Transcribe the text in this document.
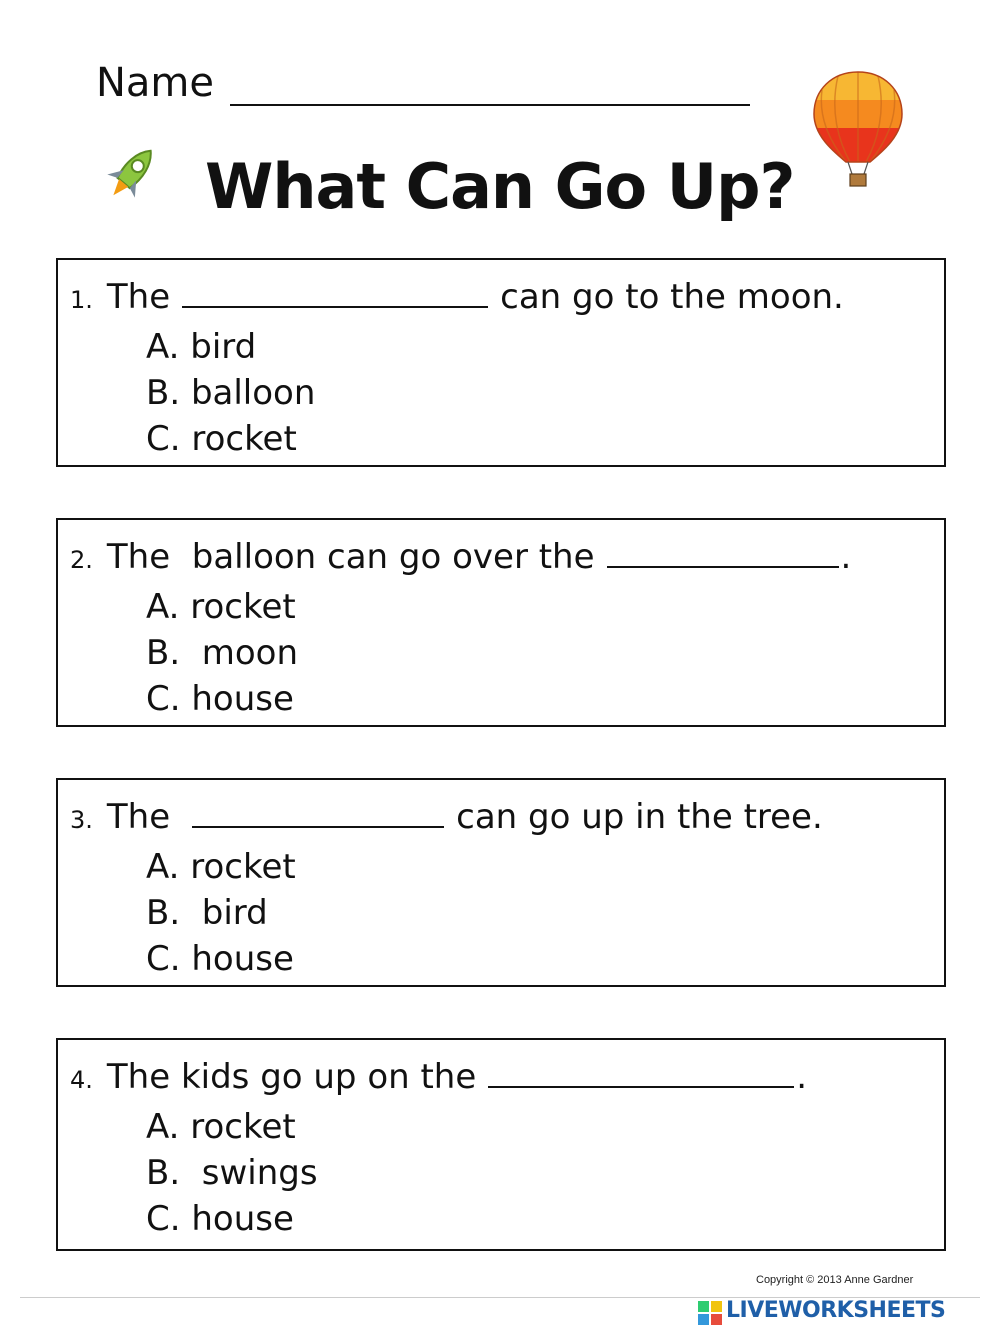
Name
What Can Go Up?
1. The	can go to the moon.
A. bird
B. balloon
C. rocket
2. The  balloon can go over the	.
A. rocket
B.  moon
C. house
3. The	can go up in the tree.
A. rocket
B.  bird
C. house
4. The kids go up on the	.
A. rocket
B.  swings
C. house
Copyright © 2013 Anne Gardner
LIVEWORKSHEETS
